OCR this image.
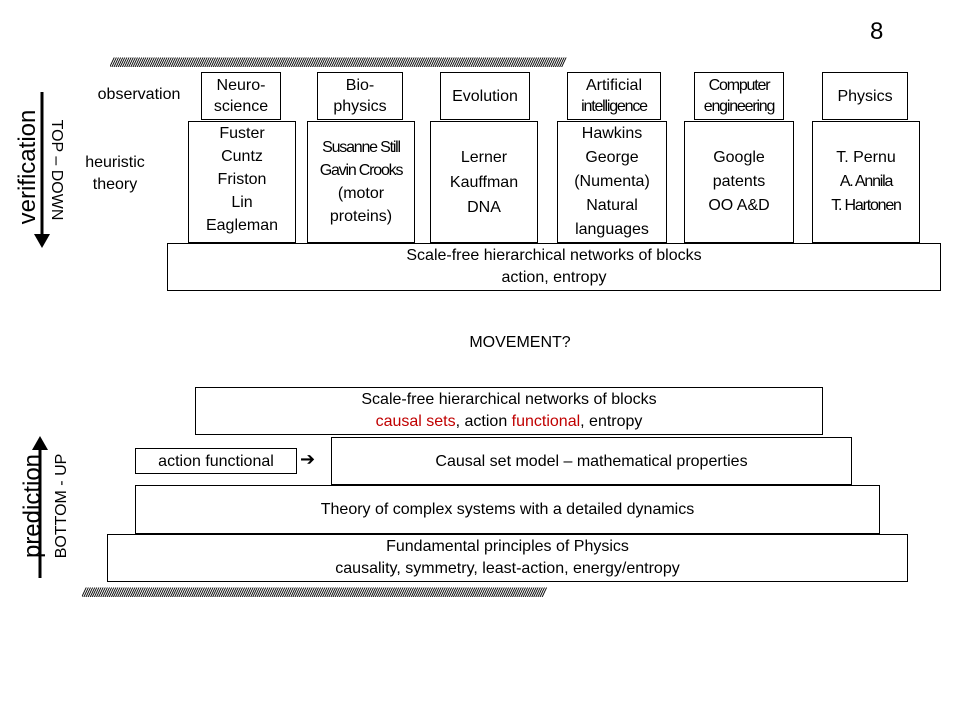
8
///////////////////////////////////////////////////////////////////////////////////////////////////////////////////////////////////////////////////////////////////////////////////////////////////////////////////////
observation
heuristic
theory
verification TOP – DOWN
Neuro-
science
Bio-
physics
Evolution
Artificial
intelligence
Computer
engineering
Physics
Fuster
Cuntz
Friston
Lin
Eagleman
Susanne Still
Gavin Crooks
(motor
proteins)
Lerner
Kauffman
DNA
Hawkins
George
(Numenta)
Natural
languages
Google
patents
OO A&D
T. Pernu
A. Annila
T. Hartonen
Scale-free hierarchical networks of blocks
action, entropy
MOVEMENT?
Scale-free hierarchical networks of blocks
causal sets, action functional, entropy
action functional	➔	Causal set model – mathematical properties
Theory of complex systems with a detailed dynamics
Fundamental principles of Physics
causality, symmetry, least-action, energy/entropy
prediction BOTTOM - UP
///////////////////////////////////////////////////////////////////////////////////////////////////////////////////////////////////////////////////////////////////////////////////////////////////////////////////////////
